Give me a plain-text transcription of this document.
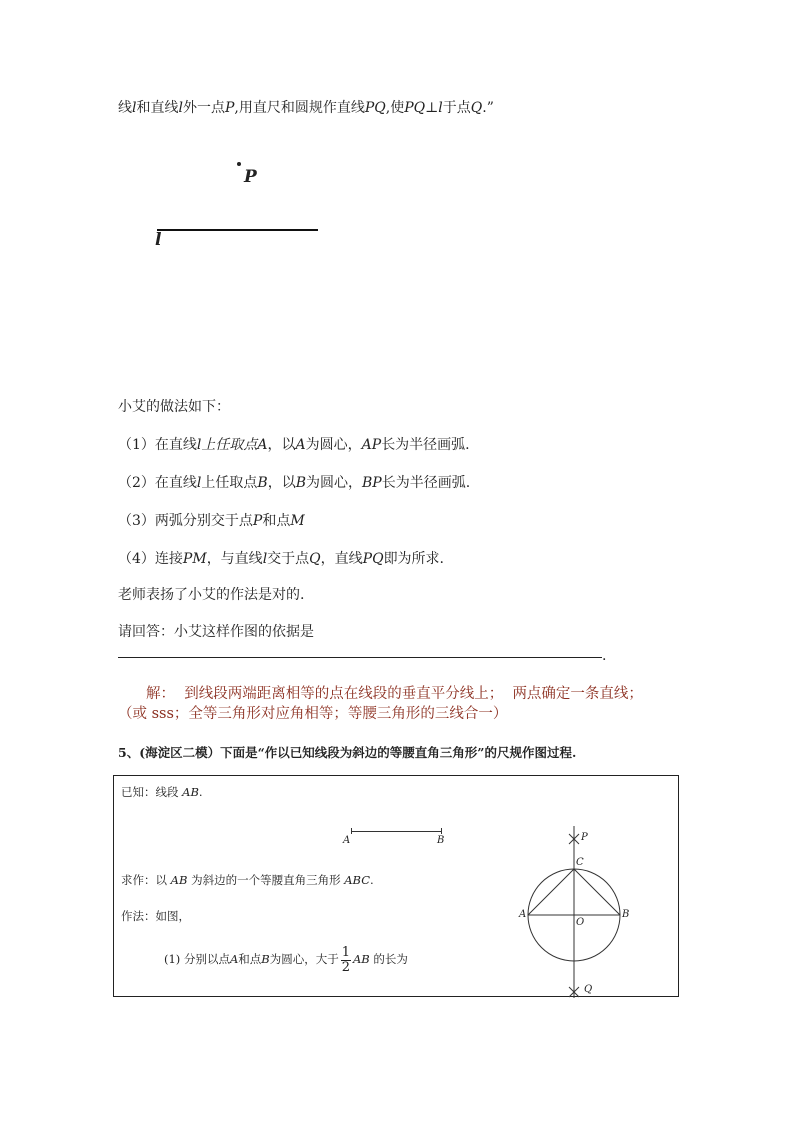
线l和直线l外一点P,用直尺和圆规作直线PQ,使PQ⊥l于点Q.”
P
l
小艾的做法如下：
（1）在直线l上任取点A，以A为圆心，AP长为半径画弧.
（2）在直线l上任取点B，以B为圆心，BP长为半径画弧.
（3）两弧分别交于点P和点M
（4）连接PM，与直线l交于点Q，直线PQ即为所求.
老师表扬了小艾的作法是对的.
请回答：小艾这样作图的依据是
.
解： 到线段两端距离相等的点在线段的垂直平分线上； 两点确定一条直线；
（或 sss；全等三角形对应角相等；等腰三角形的三线合一）
5、(海淀区二模）下面是“作以已知线段为斜边的等腰直角三角形”的尺规作图过程.
已知：线段 AB.
A	B
求作：以 AB 为斜边的一个等腰直角三角形 ABC.
作法：如图，
(1) 分别以点A和点B为圆心，大于 $\frac{1}{2}$ AB 的长为
P
C
A
O
B
Q
